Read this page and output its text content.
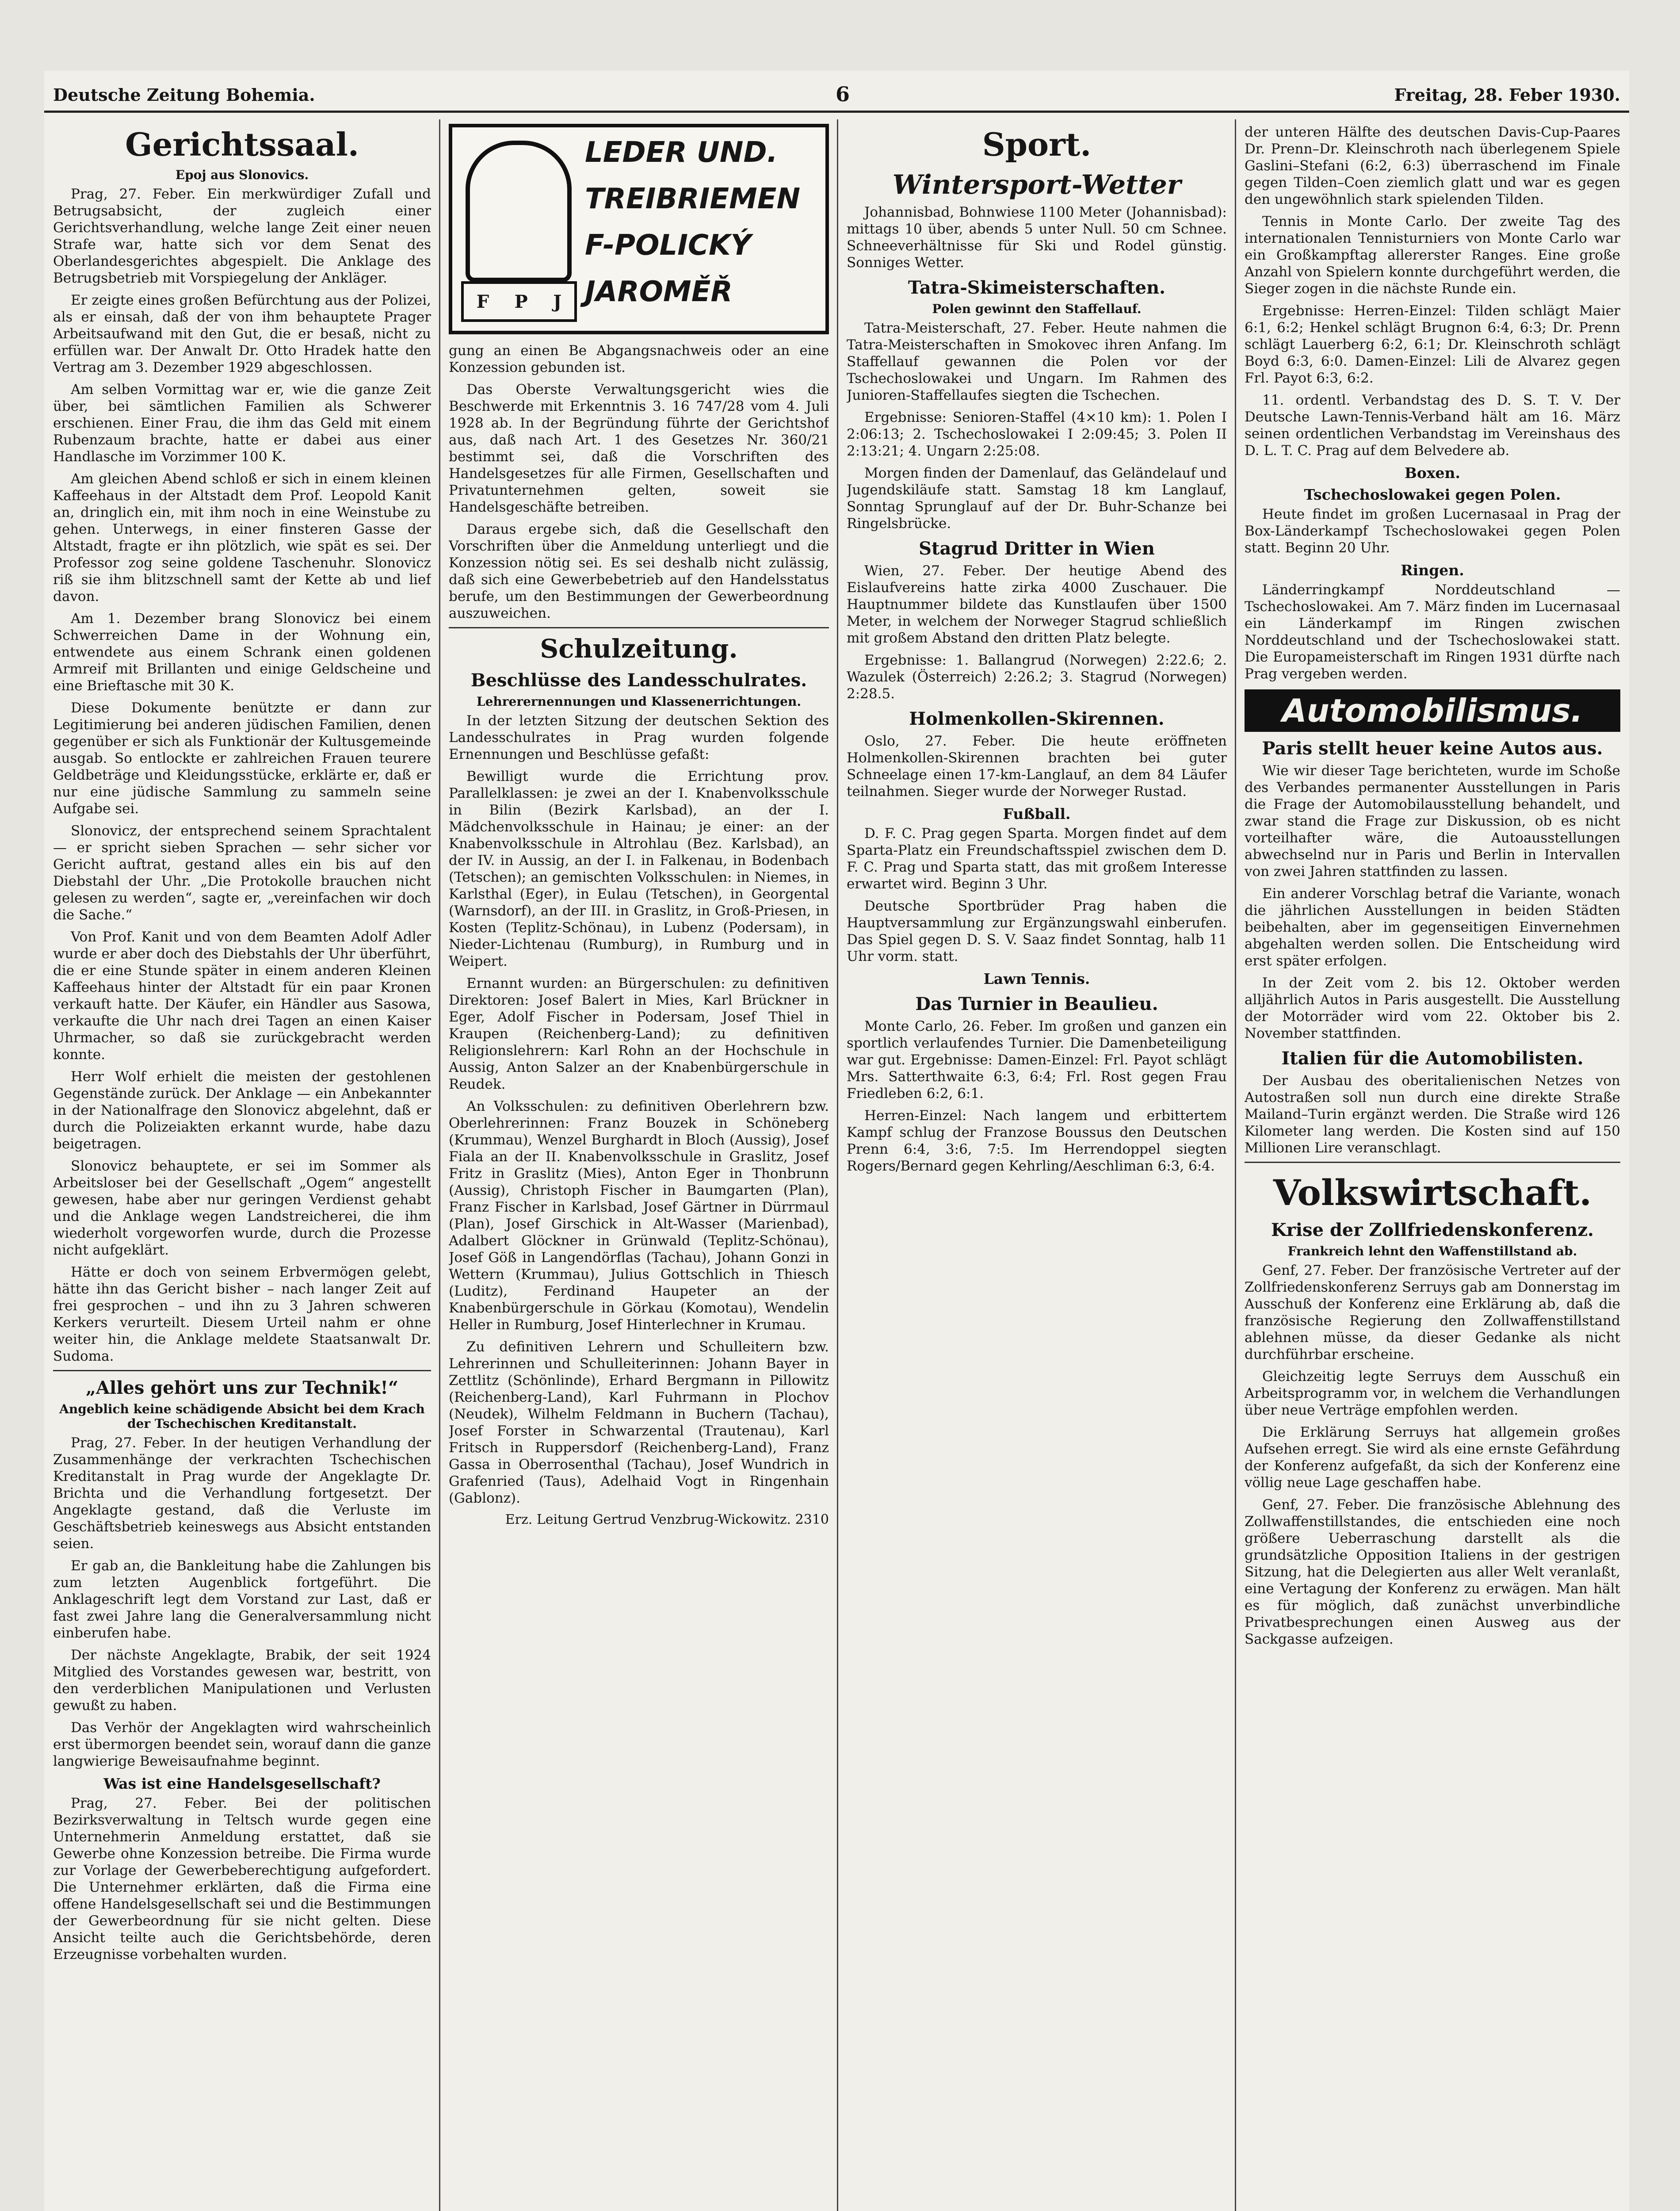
Deutsche Zeitung Bohemia.	6	Freitag, 28. Feber 1930.
Gerichtssaal.
Epoj aus Slonovics.

Prag, 27. Feber. Ein merkwürdiger Zufall und Betrugsabsicht, der zugleich einer Gerichtsverhandlung, welche lange Zeit einer neuen Strafe war, hatte sich vor dem Senat des Oberlandesgerichtes abgespielt. Die Anklage des Betrugsbetrieb mit Vorspiegelung der Ankläger.

Er zeigte eines großen Befürchtung aus der Polizei, als er einsah, daß der von ihm behauptete Prager Arbeitsaufwand mit den Gut, die er besaß, nicht zu erfüllen war. Der Anwalt Dr. Otto Hradek hatte den Vertrag am 3. Dezember 1929 abgeschlossen.

Am selben Vormittag war er, wie die ganze Zeit über, bei sämtlichen Familien als Schwerer erschienen. Einer Frau, die ihm das Geld mit einem Rubenzaum brachte, hatte er dabei aus einer Handlasche im Vorzimmer 100 K.

Am gleichen Abend schloß er sich in einem kleinen Kaffeehaus in der Altstadt dem Prof. Leopold Kanit an, dringlich ein, mit ihm noch in eine Weinstube zu gehen. Unterwegs, in einer finsteren Gasse der Altstadt, fragte er ihn plötzlich, wie spät es sei. Der Professor zog seine goldene Taschenuhr. Slonovicz riß sie ihm blitzschnell samt der Kette ab und lief davon.

Am 1. Dezember brang Slonovicz bei einem Schwerreichen Dame in der Wohnung ein, entwendete aus einem Schrank einen goldenen Armreif mit Brillanten und einige Geldscheine und eine Brieftasche mit 30 K.

Diese Dokumente benützte er dann zur Legitimierung bei anderen jüdischen Familien, denen gegenüber er sich als Funktionär der Kultusgemeinde ausgab. So entlockte er zahlreichen Frauen teurere Geldbeträge und Kleidungsstücke, erklärte er, daß er nur eine jüdische Sammlung zu sammeln seine Aufgabe sei.

Slonovicz, der entsprechend seinem Sprachtalent — er spricht sieben Sprachen — sehr sicher vor Gericht auftrat, gestand alles ein bis auf den Diebstahl der Uhr. „Die Protokolle brauchen nicht gelesen zu werden“, sagte er, „vereinfachen wir doch die Sache.“

Von Prof. Kanit und von dem Beamten Adolf Adler wurde er aber doch des Diebstahls der Uhr überführt, die er eine Stunde später in einem anderen Kleinen Kaffeehaus hinter der Altstadt für ein paar Kronen verkauft hatte. Der Käufer, ein Händler aus Sasowa, verkaufte die Uhr nach drei Tagen an einen Kaiser Uhrmacher, so daß sie zurückgebracht werden konnte.

Herr Wolf erhielt die meisten der gestohlenen Gegenstände zurück. Der Anklage — ein Anbekannter in der Nationalfrage den Slonovicz abgelehnt, daß er durch die Polizeiakten erkannt wurde, habe dazu beigetragen.

Slonovicz behauptete, er sei im Sommer als Arbeitsloser bei der Gesellschaft „Ogem“ angestellt gewesen, habe aber nur geringen Verdienst gehabt und die Anklage wegen Landstreicherei, die ihm wiederholt vorgeworfen wurde, durch die Prozesse nicht aufgeklärt.

Hätte er doch von seinem Erbvermögen gelebt, hätte ihn das Gericht bisher – nach langer Zeit auf frei gesprochen – und ihn zu 3 Jahren schweren Kerkers verurteilt. Diesem Urteil nahm er ohne weiter hin, die Anklage meldete Staatsanwalt Dr. Sudoma.

„Alles gehört uns zur Technik!“
Angeblich keine schädigende Absicht bei dem Krach der Tschechischen Kreditanstalt.

Prag, 27. Feber. In der heutigen Verhandlung der Zusammenhänge der verkrachten Tschechischen Kreditanstalt in Prag wurde der Angeklagte Dr. Brichta und die Verhandlung fortgesetzt. Der Angeklagte gestand, daß die Verluste im Geschäftsbetrieb keineswegs aus Absicht entstanden seien.

Er gab an, die Bankleitung habe die Zahlungen bis zum letzten Augenblick fortgeführt. Die Anklageschrift legt dem Vorstand zur Last, daß er fast zwei Jahre lang die Generalversammlung nicht einberufen habe.

Der nächste Angeklagte, Brabik, der seit 1924 Mitglied des Vorstandes gewesen war, bestritt, von den verderblichen Manipulationen und Verlusten gewußt zu haben.

Das Verhör der Angeklagten wird wahrscheinlich erst übermorgen beendet sein, worauf dann die ganze langwierige Beweisaufnahme beginnt.

Was ist eine Handelsgesellschaft?

Prag, 27. Feber. Bei der politischen Bezirksverwaltung in Teltsch wurde gegen eine Unternehmerin Anmeldung erstattet, daß sie Gewerbe ohne Konzession betreibe. Die Firma wurde zur Vorlage der Gewerbeberechtigung aufgefordert. Die Unternehmer erklärten, daß die Firma eine offene Handelsgesellschaft sei und die Bestimmungen der Gewerbeordnung für sie nicht gelten. Diese Ansicht teilte auch die Gerichtsbehörde, deren Erzeugnisse vorbehalten wurden.

F P J
LEDER UND.
TREIBRIEMEN
F-POLICKÝ
JAROMĚŘ

gung an einen Be Abgangsnachweis oder an eine Konzession gebunden ist.

Das Oberste Verwaltungsgericht wies die Beschwerde mit Erkenntnis 3. 16 747/28 vom 4. Juli 1928 ab. In der Begründung führte der Gerichtshof aus, daß nach Art. 1 des Gesetzes Nr. 360/21 bestimmt sei, daß die Vorschriften des Handelsgesetzes für alle Firmen, Gesellschaften und Privatunternehmen gelten, soweit sie Handelsgeschäfte betreiben.

Daraus ergebe sich, daß die Gesellschaft den Vorschriften über die Anmeldung unterliegt und die Konzession nötig sei. Es sei deshalb nicht zulässig, daß sich eine Gewerbebetrieb auf den Handelsstatus berufe, um den Bestimmungen der Gewerbeordnung auszuweichen.

Schulzeitung.
Beschlüsse des Landesschulrates.
Lehrerernennungen und Klassenerrichtungen.

In der letzten Sitzung der deutschen Sektion des Landesschulrates in Prag wurden folgende Ernennungen und Beschlüsse gefaßt:

Bewilligt wurde die Errichtung prov. Parallelklassen: je zwei an der I. Knabenvolksschule in Bilin (Bezirk Karlsbad), an der I. Mädchenvolksschule in Hainau; je einer: an der Knabenvolksschule in Altrohlau (Bez. Karlsbad), an der IV. in Aussig, an der I. in Falkenau, in Bodenbach (Tetschen); an gemischten Volksschulen: in Niemes, in Karlsthal (Eger), in Eulau (Tetschen), in Georgental (Warnsdorf), an der III. in Graslitz, in Groß-Priesen, in Kosten (Teplitz-Schönau), in Lubenz (Podersam), in Nieder-Lichtenau (Rumburg), in Rumburg und in Weipert.

Ernannt wurden: an Bürgerschulen: zu definitiven Direktoren: Josef Balert in Mies, Karl Brückner in Eger, Adolf Fischer in Podersam, Josef Thiel in Kraupen (Reichenberg-Land); zu definitiven Religionslehrern: Karl Rohn an der Hochschule in Aussig, Anton Salzer an der Knabenbürgerschule in Reudek.

An Volksschulen: zu definitiven Oberlehrern bzw. Oberlehrerinnen: Franz Bouzek in Schöneberg (Krummau), Wenzel Burghardt in Bloch (Aussig), Josef Fiala an der II. Knabenvolksschule in Graslitz, Josef Fritz in Graslitz (Mies), Anton Eger in Thonbrunn (Aussig), Christoph Fischer in Baumgarten (Plan), Franz Fischer in Karlsbad, Josef Gärtner in Dürrmaul (Plan), Josef Girschick in Alt-Wasser (Marienbad), Adalbert Glöckner in Grünwald (Teplitz-Schönau), Josef Göß in Langendörflas (Tachau), Johann Gonzi in Wettern (Krummau), Julius Gottschlich in Thiesch (Luditz), Ferdinand Haupeter an der Knabenbürgerschule in Görkau (Komotau), Wendelin Heller in Rumburg, Josef Hinterlechner in Krumau.

Zu definitiven Lehrern und Schulleitern bzw. Lehrerinnen und Schulleiterinnen: Johann Bayer in Zettlitz (Schönlinde), Erhard Bergmann in Pillowitz (Reichenberg-Land), Karl Fuhrmann in Plochov (Neudek), Wilhelm Feldmann in Buchern (Tachau), Josef Forster in Schwarzental (Trautenau), Karl Fritsch in Ruppersdorf (Reichenberg-Land), Franz Gassa in Oberrosenthal (Tachau), Josef Wundrich in Grafenried (Taus), Adelhaid Vogt in Ringenhain (Gablonz).

Erz. Leitung Gertrud Venzbrug-Wickowitz. 2310
Sport.
Wintersport-Wetter

Johannisbad, Bohnwiese 1100 Meter (Johannisbad): mittags 10 über, abends 5 unter Null. 50 cm Schnee. Schneeverhältnisse für Ski und Rodel günstig. Sonniges Wetter.

Tatra-Skimeisterschaften.
Polen gewinnt den Staffellauf.

Tatra-Meisterschaft, 27. Feber. Heute nahmen die Tatra-Meisterschaften in Smokovec ihren Anfang. Im Staffellauf gewannen die Polen vor der Tschechoslowakei und Ungarn. Im Rahmen des Junioren-Staffellaufes siegten die Tschechen.

Ergebnisse: Senioren-Staffel (4×10 km): 1. Polen I 2:06:13; 2. Tschechoslowakei I 2:09:45; 3. Polen II 2:13:21; 4. Ungarn 2:25:08.

Morgen finden der Damenlauf, das Geländelauf und Jugendskiläufe statt. Samstag 18 km Langlauf, Sonntag Sprunglauf auf der Dr. Buhr-Schanze bei Ringelsbrücke.

Stagrud Dritter in Wien

Wien, 27. Feber. Der heutige Abend des Eislaufvereins hatte zirka 4000 Zuschauer. Die Hauptnummer bildete das Kunstlaufen über 1500 Meter, in welchem der Norweger Stagrud schließlich mit großem Abstand den dritten Platz belegte.

Ergebnisse: 1. Ballangrud (Norwegen) 2:22.6; 2. Wazulek (Österreich) 2:26.2; 3. Stagrud (Norwegen) 2:28.5.

Holmenkollen-Skirennen.

Oslo, 27. Feber. Die heute eröffneten Holmenkollen-Skirennen brachten bei guter Schneelage einen 17-km-Langlauf, an dem 84 Läufer teilnahmen. Sieger wurde der Norweger Rustad.

Fußball.

D. F. C. Prag gegen Sparta. Morgen findet auf dem Sparta-Platz ein Freundschaftsspiel zwischen dem D. F. C. Prag und Sparta statt, das mit großem Interesse erwartet wird. Beginn 3 Uhr.

Deutsche Sportbrüder Prag haben die Hauptversammlung zur Ergänzungswahl einberufen. Das Spiel gegen D. S. V. Saaz findet Sonntag, halb 11 Uhr vorm. statt.

Lawn Tennis.
Das Turnier in Beaulieu.

Monte Carlo, 26. Feber. Im großen und ganzen ein sportlich verlaufendes Turnier. Die Damenbeteiligung war gut. Ergebnisse: Damen-Einzel: Frl. Payot schlägt Mrs. Satterthwaite 6:3, 6:4; Frl. Rost gegen Frau Friedleben 6:2, 6:1.

Herren-Einzel: Nach langem und erbittertem Kampf schlug der Franzose Boussus den Deutschen Prenn 6:4, 3:6, 7:5. Im Herrendoppel siegten Rogers/Bernard gegen Kehrling/Aeschliman 6:3, 6:4.

der unteren Hälfte des deutschen Davis-Cup-Paares Dr. Prenn–Dr. Kleinschroth nach überlegenem Spiele Gaslini–Stefani (6:2, 6:3) überraschend im Finale gegen Tilden–Coen ziemlich glatt und war es gegen den ungewöhnlich stark spielenden Tilden.

Tennis in Monte Carlo. Der zweite Tag des internationalen Tennisturniers von Monte Carlo war ein Großkampftag allererster Ranges. Eine große Anzahl von Spielern konnte durchgeführt werden, die Sieger zogen in die nächste Runde ein.

Ergebnisse: Herren-Einzel: Tilden schlägt Maier 6:1, 6:2; Henkel schlägt Brugnon 6:4, 6:3; Dr. Prenn schlägt Lauerberg 6:2, 6:1; Dr. Kleinschroth schlägt Boyd 6:3, 6:0. Damen-Einzel: Lili de Alvarez gegen Frl. Payot 6:3, 6:2.

11. ordentl. Verbandstag des D. S. T. V. Der Deutsche Lawn-Tennis-Verband hält am 16. März seinen ordentlichen Verbandstag im Vereinshaus des D. L. T. C. Prag auf dem Belvedere ab.

Boxen.
Tschechoslowakei gegen Polen.

Heute findet im großen Lucernasaal in Prag der Box-Länderkampf Tschechoslowakei gegen Polen statt. Beginn 20 Uhr.

Ringen.

Länderringkampf Norddeutschland — Tschechoslowakei. Am 7. März finden im Lucernasaal ein Länderkampf im Ringen zwischen Norddeutschland und der Tschechoslowakei statt. Die Europameisterschaft im Ringen 1931 dürfte nach Prag vergeben werden.

Automobilismus.
Paris stellt heuer keine Autos aus.

Wie wir dieser Tage berichteten, wurde im Schoße des Verbandes permanenter Ausstellungen in Paris die Frage der Automobilausstellung behandelt, und zwar stand die Frage zur Diskussion, ob es nicht vorteilhafter wäre, die Autoausstellungen abwechselnd nur in Paris und Berlin in Intervallen von zwei Jahren stattfinden zu lassen.

Ein anderer Vorschlag betraf die Variante, wonach die jährlichen Ausstellungen in beiden Städten beibehalten, aber im gegenseitigen Einvernehmen abgehalten werden sollen. Die Entscheidung wird erst später erfolgen.

In der Zeit vom 2. bis 12. Oktober werden alljährlich Autos in Paris ausgestellt. Die Ausstellung der Motorräder wird vom 22. Oktober bis 2. November stattfinden.

Italien für die Automobilisten.

Der Ausbau des oberitalienischen Netzes von Autostraßen soll nun durch eine direkte Straße Mailand–Turin ergänzt werden. Die Straße wird 126 Kilometer lang werden. Die Kosten sind auf 150 Millionen Lire veranschlagt.

Volkswirtschaft.
Krise der Zollfriedenskonferenz.
Frankreich lehnt den Waffenstillstand ab.

Genf, 27. Feber. Der französische Vertreter auf der Zollfriedenskonferenz Serruys gab am Donnerstag im Ausschuß der Konferenz eine Erklärung ab, daß die französische Regierung den Zollwaffenstillstand ablehnen müsse, da dieser Gedanke als nicht durchführbar erscheine.

Gleichzeitig legte Serruys dem Ausschuß ein Arbeitsprogramm vor, in welchem die Verhandlungen über neue Verträge empfohlen werden.

Die Erklärung Serruys hat allgemein großes Aufsehen erregt. Sie wird als eine ernste Gefährdung der Konferenz aufgefaßt, da sich der Konferenz eine völlig neue Lage geschaffen habe.

Genf, 27. Feber. Die französische Ablehnung des Zollwaffenstillstandes, die entschieden eine noch größere Ueberraschung darstellt als die grundsätzliche Opposition Italiens in der gestrigen Sitzung, hat die Delegierten aus aller Welt veranlaßt, eine Vertagung der Konferenz zu erwägen. Man hält es für möglich, daß zunächst unverbindliche Privatbesprechungen einen Ausweg aus der Sackgasse aufzeigen.
